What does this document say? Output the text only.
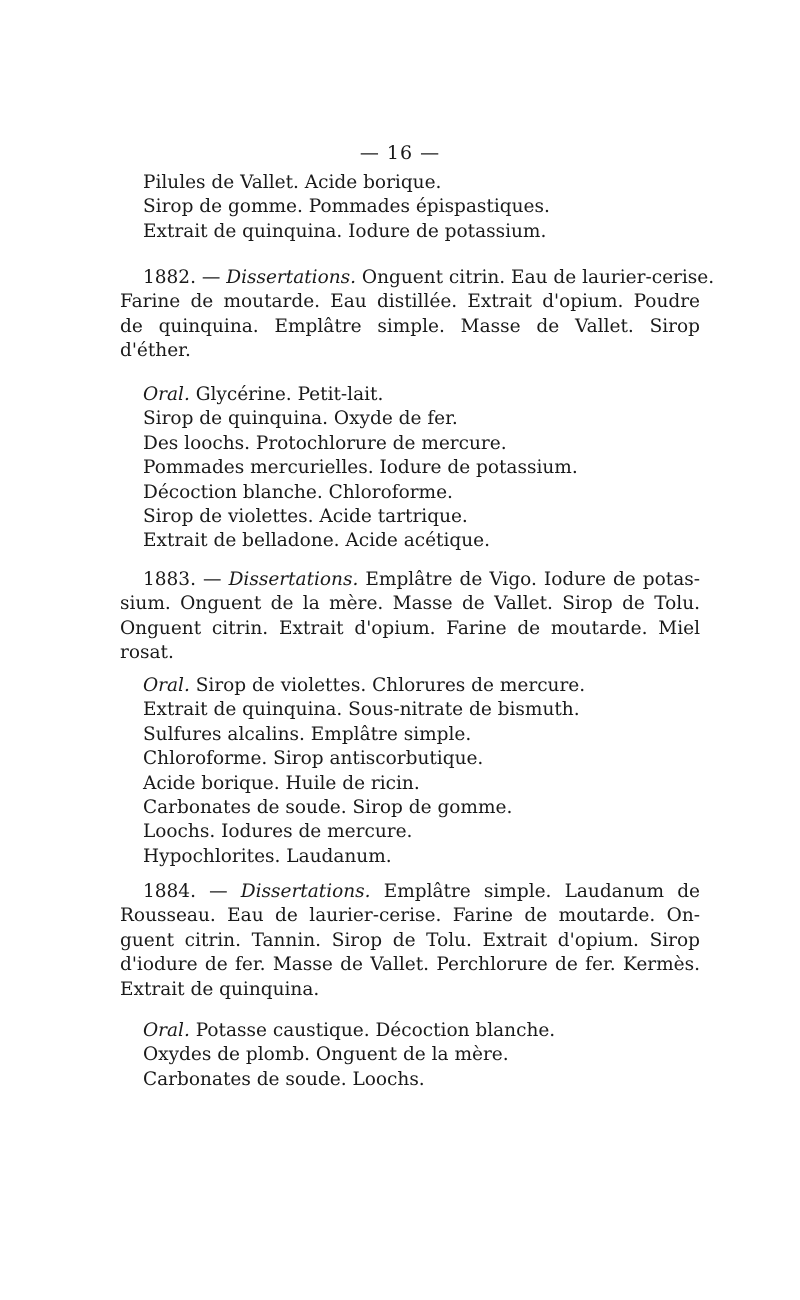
— 16 —
Pilules de Vallet. Acide borique.
Sirop de gomme. Pommades épispastiques.
Extrait de quinquina. Iodure de potassium.
1882. — Dissertations. Onguent citrin. Eau de laurier-cerise.
Farine de moutarde. Eau distillée. Extrait d'opium. Poudre
de quinquina. Emplâtre simple. Masse de Vallet. Sirop
d'éther.
Oral. Glycérine. Petit-lait.
Sirop de quinquina. Oxyde de fer.
Des loochs. Protochlorure de mercure.
Pommades mercurielles. Iodure de potassium.
Décoction blanche. Chloroforme.
Sirop de violettes. Acide tartrique.
Extrait de belladone. Acide acétique.
1883. — Dissertations. Emplâtre de Vigo. Iodure de potas-
sium. Onguent de la mère. Masse de Vallet. Sirop de Tolu.
Onguent citrin. Extrait d'opium. Farine de moutarde. Miel
rosat.
Oral. Sirop de violettes. Chlorures de mercure.
Extrait de quinquina. Sous-nitrate de bismuth.
Sulfures alcalins. Emplâtre simple.
Chloroforme. Sirop antiscorbutique.
Acide borique. Huile de ricin.
Carbonates de soude. Sirop de gomme.
Loochs. Iodures de mercure.
Hypochlorites. Laudanum.
1884. — Dissertations. Emplâtre simple. Laudanum de
Rousseau. Eau de laurier-cerise. Farine de moutarde. On-
guent citrin. Tannin. Sirop de Tolu. Extrait d'opium. Sirop
d'iodure de fer. Masse de Vallet. Perchlorure de fer. Kermès.
Extrait de quinquina.
Oral. Potasse caustique. Décoction blanche.
Oxydes de plomb. Onguent de la mère.
Carbonates de soude. Loochs.
